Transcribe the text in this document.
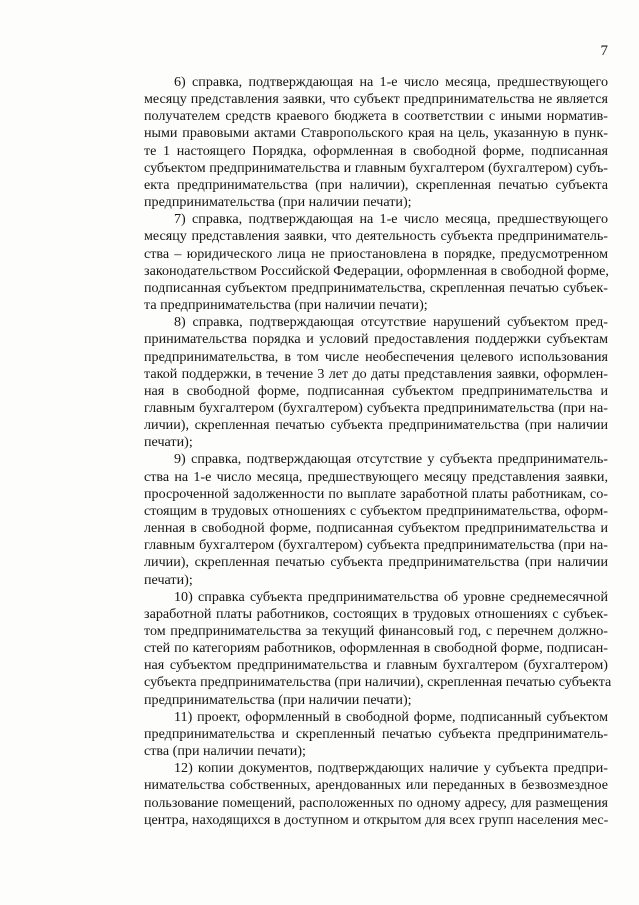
7
6) справка, подтверждающая на 1-е число месяца, предшествующего
месяцу представления заявки, что субъект предпринимательства не является
получателем средств краевого бюджета в соответствии с иными норматив-
ными правовыми актами Ставропольского края на цель, указанную в пунк-
те 1 настоящего Порядка, оформленная в свободной форме, подписанная
субъектом предпринимательства и главным бухгалтером (бухгалтером) субъ-
екта предпринимательства (при наличии), скрепленная печатью субъекта
предпринимательства (при наличии печати);
7) справка, подтверждающая на 1-е число месяца, предшествующего
месяцу представления заявки, что деятельность субъекта предприниматель-
ства – юридического лица не приостановлена в порядке, предусмотренном
законодательством Российской Федерации, оформленная в свободной форме,
подписанная субъектом предпринимательства, скрепленная печатью субъек-
та предпринимательства (при наличии печати);
8) справка, подтверждающая отсутствие нарушений субъектом пред-
принимательства порядка и условий предоставления поддержки субъектам
предпринимательства, в том числе необеспечения целевого использования
такой поддержки, в течение 3 лет до даты представления заявки, оформлен-
ная в свободной форме, подписанная субъектом предпринимательства и
главным бухгалтером (бухгалтером) субъекта предпринимательства (при на-
личии), скрепленная печатью субъекта предпринимательства (при наличии
печати);
9) справка, подтверждающая отсутствие у субъекта предприниматель-
ства на 1-е число месяца, предшествующего месяцу представления заявки,
просроченной задолженности по выплате заработной платы работникам, со-
стоящим в трудовых отношениях с субъектом предпринимательства, оформ-
ленная в свободной форме, подписанная субъектом предпринимательства и
главным бухгалтером (бухгалтером) субъекта предпринимательства (при на-
личии), скрепленная печатью субъекта предпринимательства (при наличии
печати);
10) справка субъекта предпринимательства об уровне среднемесячной
заработной платы работников, состоящих в трудовых отношениях с субъек-
том предпринимательства за текущий финансовый год, с перечнем должно-
стей по категориям работников, оформленная в свободной форме, подписан-
ная субъектом предпринимательства и главным бухгалтером (бухгалтером)
субъекта предпринимательства (при наличии), скрепленная печатью субъекта
предпринимательства (при наличии печати);
11) проект, оформленный в свободной форме, подписанный субъектом
предпринимательства и скрепленный печатью субъекта предприниматель-
ства (при наличии печати);
12) копии документов, подтверждающих наличие у субъекта предпри-
нимательства собственных, арендованных или переданных в безвозмездное
пользование помещений, расположенных по одному адресу, для размещения
центра, находящихся в доступном и открытом для всех групп населения мес-
